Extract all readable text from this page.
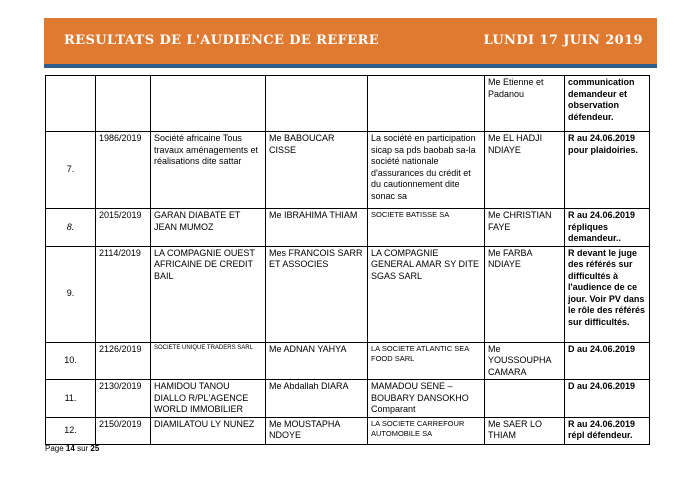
RESULTATS DE L'AUDIENCE DE REFERE	LUNDI 17 JUIN 2019
					Me Etienne et Padanou	communication demandeur et observation défendeur.
7.	1986/2019	Société africaine Tous travaux aménagements et réalisations dite sattar	Me BABOUCAR CISSE	La société en participation sicap sa pds baobab sa-la société nationale d'assurances du crédit et du cautionnement dite sonac sa	Me EL HADJI NDIAYE	R au 24.06.2019 pour plaidoiries.
8.	2015/2019	GARAN DIABATE ET JEAN MUMOZ	Me IBRAHIMA THIAM	SOCIETE BATISSE SA	Me CHRISTIAN FAYE	R au 24.06.2019 répliques demandeur..
9.	2114/2019	LA COMPAGNIE OUEST AFRICAINE DE CREDIT BAIL	Mes FRANCOIS SARR ET ASSOCIES	LA COMPAGNIE GENERAL AMAR SY DITE SGAS SARL	Me FARBA NDIAYE	R devant le juge des référés sur difficultés à l'audience de ce jour. Voir PV dans le rôle des référés sur difficultés.
10.	2126/2019	SOCIETE UNIQUE TRADERS SARL	Me ADNAN YAHYA	LA SOCIETE ATLANTIC SEA FOOD SARL	Me YOUSSOUPHA CAMARA	D au 24.06.2019
11.	2130/2019	HAMIDOU TANOU DIALLO R/PL'AGENCE WORLD IMMOBILIER	Me Abdallah DIARA	MAMADOU SENE – BOUBARY DANSOKHO Comparant		D au 24.06.2019
12.	2150/2019	DIAMILATOU LY NUNEZ	Me MOUSTAPHA NDOYE	LA SOCIETE CARREFOUR AUTOMOBILE SA	Me SAER LO THIAM	R au 24.06.2019 répl défendeur.
Page 14 sur 25
